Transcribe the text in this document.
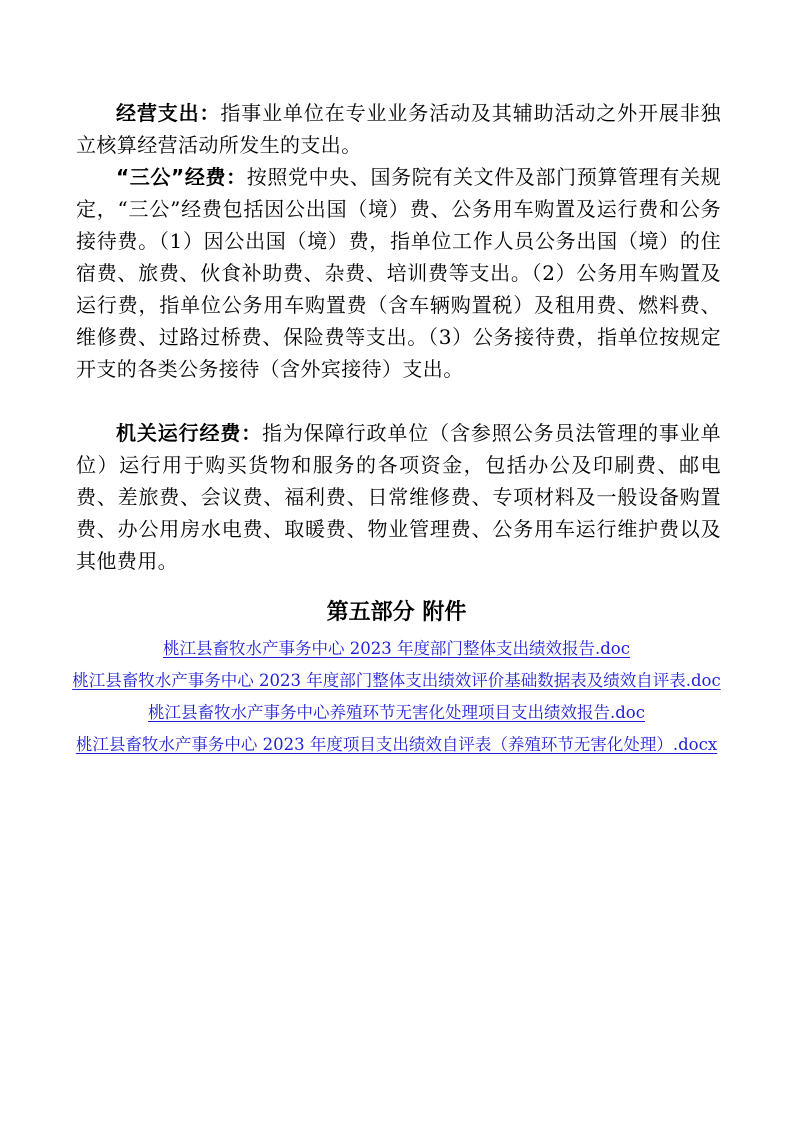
经营支出：指事业单位在专业业务活动及其辅助活动之外开展非独立核算经营活动所发生的支出。

“三公”经费：按照党中央、国务院有关文件及部门预算管理有关规定，“三公”经费包括因公出国（境）费、公务用车购置及运行费和公务接待费。（1）因公出国（境）费，指单位工作人员公务出国（境）的住宿费、旅费、伙食补助费、杂费、培训费等支出。（2）公务用车购置及运行费，指单位公务用车购置费（含车辆购置税）及租用费、燃料费、维修费、过路过桥费、保险费等支出。（3）公务接待费，指单位按规定开支的各类公务接待（含外宾接待）支出。

机关运行经费：指为保障行政单位（含参照公务员法管理的事业单位）运行用于购买货物和服务的各项资金，包括办公及印刷费、邮电费、差旅费、会议费、福利费、日常维修费、专项材料及一般设备购置费、办公用房水电费、取暖费、物业管理费、公务用车运行维护费以及其他费用。

第五部分 附件
桃江县畜牧水产事务中心 2023 年度部门整体支出绩效报告.doc
桃江县畜牧水产事务中心 2023 年度部门整体支出绩效评价基础数据表及绩效自评表.doc
桃江县畜牧水产事务中心养殖环节无害化处理项目支出绩效报告.doc
桃江县畜牧水产事务中心 2023 年度项目支出绩效自评表（养殖环节无害化处理）.docx
